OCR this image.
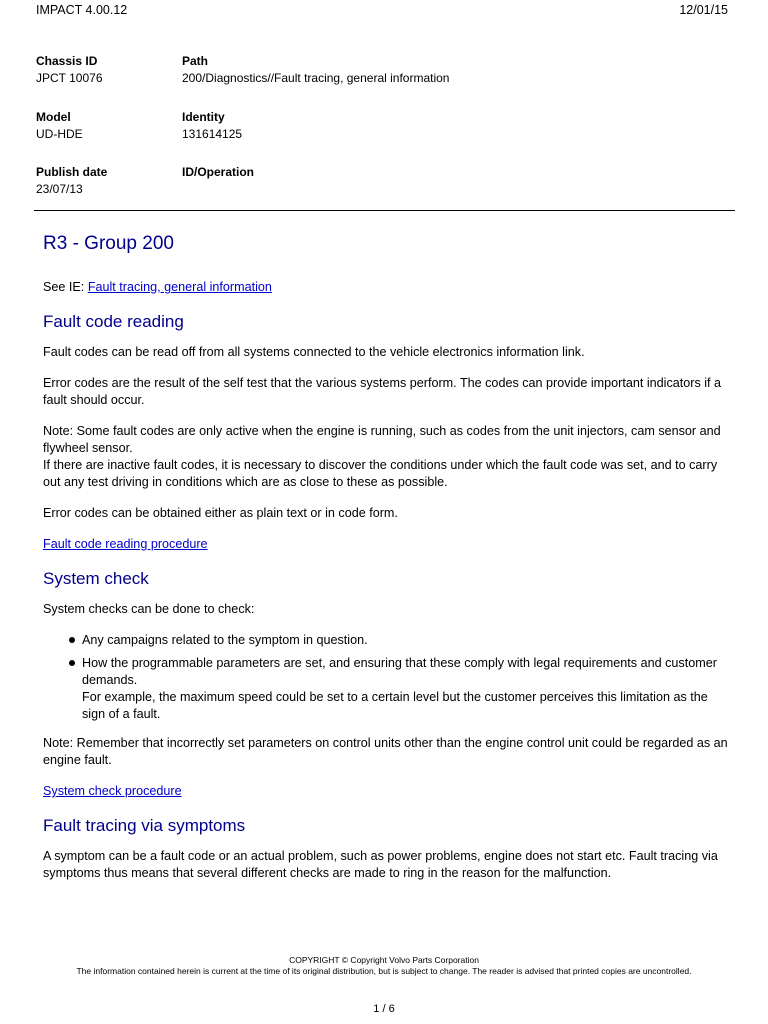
IMPACT 4.00.12	12/01/15
Chassis ID
JPCT 10076
Path
200/Diagnostics//Fault tracing, general information
Model
UD-HDE
Identity
131614125
Publish date
23/07/13
ID/Operation
R3 - Group 200

See IE: Fault tracing, general information

Fault code reading

Fault codes can be read off from all systems connected to the vehicle electronics information link.

Error codes are the result of the self test that the various systems perform. The codes can provide important indicators if a fault should occur.

Note: Some fault codes are only active when the engine is running, such as codes from the unit injectors, cam sensor and flywheel sensor.
If there are inactive fault codes, it is necessary to discover the conditions under which the fault code was set, and to carry out any test driving in conditions which are as close to these as possible.

Error codes can be obtained either as plain text or in code form.

Fault code reading procedure

System check

System checks can be done to check:

Any campaigns related to the symptom in question.
How the programmable parameters are set, and ensuring that these comply with legal requirements and customer demands.
For example, the maximum speed could be set to a certain level but the customer perceives this limitation as the sign of a fault.

Note: Remember that incorrectly set parameters on control units other than the engine control unit could be regarded as an engine fault.

System check procedure

Fault tracing via symptoms

A symptom can be a fault code or an actual problem, such as power problems, engine does not start etc. Fault tracing via symptoms thus means that several different checks are made to ring in the reason for the malfunction.

COPYRIGHT © Copyright Volvo Parts Corporation
The information contained herein is current at the time of its original distribution, but is subject to change. The reader is advised that printed copies are uncontrolled.
1 / 6
